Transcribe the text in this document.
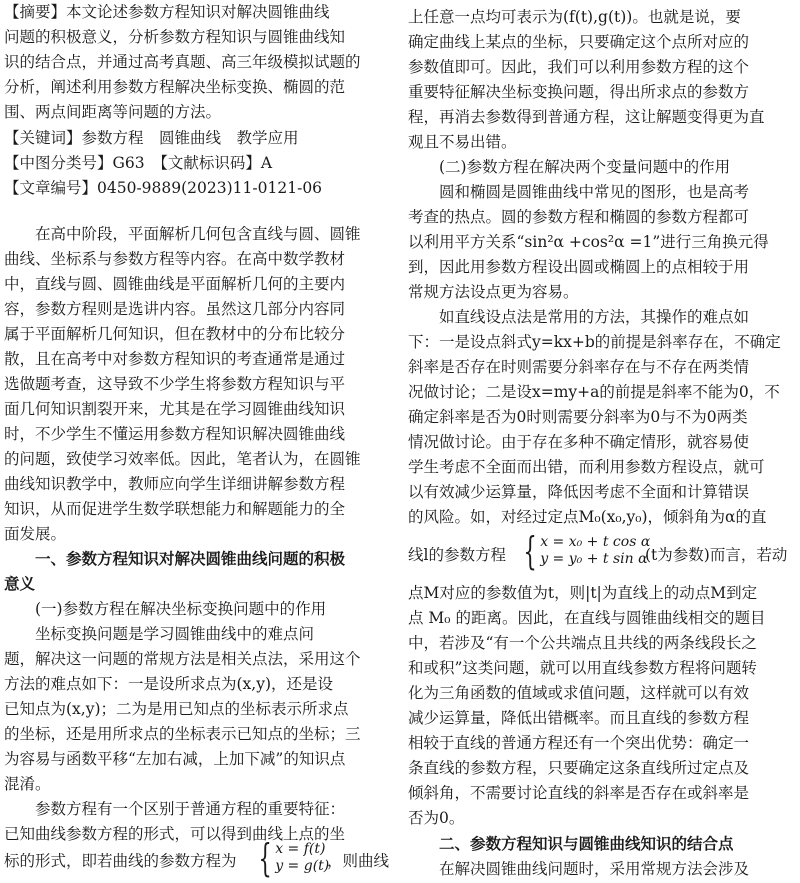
【摘要】本文论述参数方程知识对解决圆锥曲线
问题的积极意义，分析参数方程知识与圆锥曲线知
识的结合点，并通过高考真题、高三年级模拟试题的
分析，阐述利用参数方程解决坐标变换、椭圆的范
围、两点间距离等问题的方法。
【关键词】参数方程　圆锥曲线　教学应用
【中图分类号】G63　【文献标识码】A
【文章编号】0450-9889(2023)11-0121-06
在高中阶段，平面解析几何包含直线与圆、圆锥
曲线、坐标系与参数方程等内容。在高中数学教材
中，直线与圆、圆锥曲线是平面解析几何的主要内
容，参数方程则是选讲内容。虽然这几部分内容同
属于平面解析几何知识，但在教材中的分布比较分
散，且在高考中对参数方程知识的考查通常是通过
选做题考查，这导致不少学生将参数方程知识与平
面几何知识割裂开来，尤其是在学习圆锥曲线知识
时，不少学生不懂运用参数方程知识解决圆锥曲线
的问题，致使学习效率低。因此，笔者认为，在圆锥
曲线知识教学中，教师应向学生详细讲解参数方程
知识，从而促进学生数学联想能力和解题能力的全
面发展。
一、参数方程知识对解决圆锥曲线问题的积极
意义
(一)参数方程在解决坐标变换问题中的作用
坐标变换问题是学习圆锥曲线中的难点问
题，解决这一问题的常规方法是相关点法，采用这个
方法的难点如下：一是设所求点为(x,y)，还是设
已知点为(x,y)；二为是用已知点的坐标表示所求点
的坐标，还是用所求点的坐标表示已知点的坐标；三
为容易与函数平移“左加右减，上加下减”的知识点
混淆。
参数方程有一个区别于普通方程的重要特征：
已知曲线参数方程的形式，可以得到曲线上点的坐
标的形式，即若曲线的参数方程为 { x = f(t)
y = g(t)
，则曲线
上任意一点均可表示为(f(t),g(t))。也就是说，要
确定曲线上某点的坐标，只要确定这个点所对应的
参数值即可。因此，我们可以利用参数方程的这个
重要特征解决坐标变换问题，得出所求点的参数方
程，再消去参数得到普通方程，这让解题变得更为直
观且不易出错。
(二)参数方程在解决两个变量问题中的作用
圆和椭圆是圆锥曲线中常见的图形，也是高考
考查的热点。圆的参数方程和椭圆的参数方程都可
以利用平方关系“sin²α +cos²α =1”进行三角换元得
到，因此用参数方程设出圆或椭圆上的点相较于用
常规方法设点更为容易。
如直线设点法是常用的方法，其操作的难点如
下：一是设点斜式y=kx+b的前提是斜率存在，不确定
斜率是否存在时则需要分斜率存在与不存在两类情
况做讨论；二是设x=my+a的前提是斜率不能为0，不
确定斜率是否为0时则需要分斜率为0与不为0两类
情况做讨论。由于存在多种不确定情形，就容易使
学生考虑不全面而出错，而利用参数方程设点，就可
以有效减少运算量，降低因考虑不全面和计算错误
的风险。如，对经过定点M₀(x₀,y₀)，倾斜角为α的直
线l的参数方程 { x = x₀ + t cos α
y = y₀ + t sin α
(t为参数)而言，若动
点M对应的参数值为t，则|t|为直线上的动点M到定
点 M₀ 的距离。因此，在直线与圆锥曲线相交的题目
中，若涉及“有一个公共端点且共线的两条线段长之
和或积”这类问题，就可以用直线参数方程将问题转
化为三角函数的值域或求值问题，这样就可以有效
减少运算量，降低出错概率。而且直线的参数方程
相较于直线的普通方程还有一个突出优势：确定一
条直线的参数方程，只要确定这条直线所过定点及
倾斜角，不需要讨论直线的斜率是否存在或斜率是
否为0。
二、参数方程知识与圆锥曲线知识的结合点
在解决圆锥曲线问题时，采用常规方法会涉及
